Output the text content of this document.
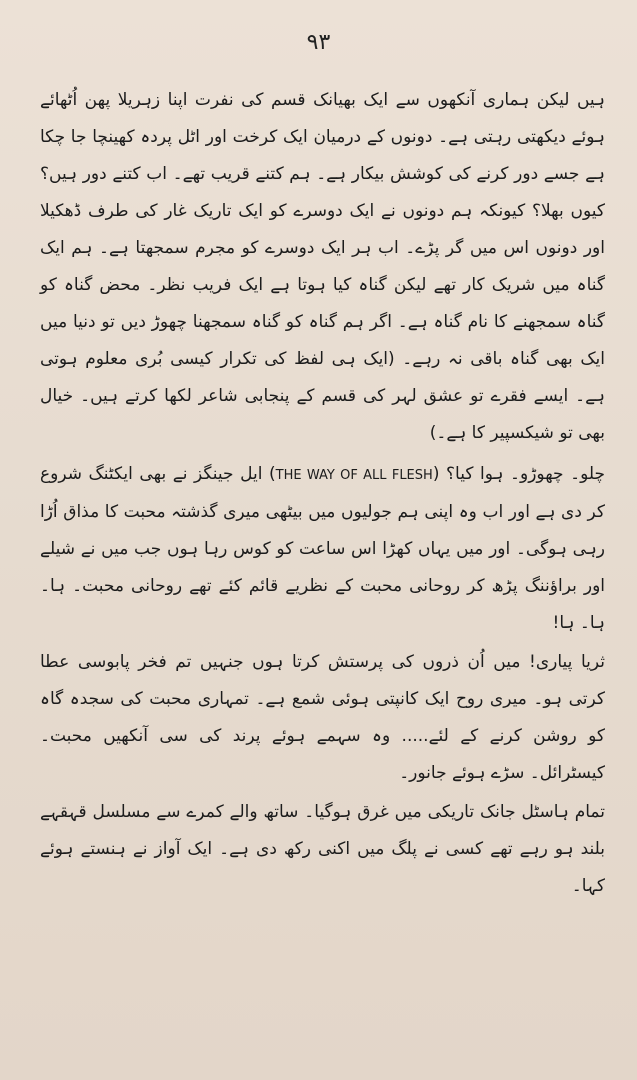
۹۳

ہیں لیکن ہماری آنکھوں سے ایک بھیانک قسم کی نفرت اپنا زہریلا پھن اُٹھائے ہوئے دیکھتی رہتی ہے۔ دونوں کے درمیان ایک کرخت اور اٹل پردہ کھینچا جا چکا ہے جسے دور کرنے کی کوشش بیکار ہے۔ ہم کتنے قریب تھے۔ اب کتنے دور ہیں؟ کیوں بھلا؟ کیونکہ ہم دونوں نے ایک دوسرے کو ایک تاریک غار کی طرف ڈھکیلا اور دونوں اس میں گر پڑے۔ اب ہر ایک دوسرے کو مجرم سمجھتا ہے۔ ہم ایک گناہ میں شریک کار تھے لیکن گناہ کیا ہوتا ہے ایک فریب نظر۔ محض گناہ کو گناہ سمجھنے کا نام گناہ ہے۔ اگر ہم گناہ کو گناہ سمجھنا چھوڑ دیں تو دنیا میں ایک بھی گناہ باقی نہ رہے۔ (ایک ہی لفظ کی تکرار کیسی بُری معلوم ہوتی ہے۔ ایسے فقرے تو عشق لہر کی قسم کے پنجابی شاعر لکھا کرتے ہیں۔ خیال بھی تو شیکسپیر کا ہے۔)

چلو۔ چھوڑو۔ ہوا کیا؟ (THE WAY OF ALL FLESH) ایل جینگز نے بھی ایکٹنگ شروع کر دی ہے اور اب وہ اپنی ہم جولیوں میں بیٹھی میری گذشتہ محبت کا مذاق اُڑا رہی ہوگی۔ اور میں یہاں کھڑا اس ساعت کو کوس رہا ہوں جب میں نے شیلے اور براؤننگ پڑھ کر روحانی محبت کے نظریے قائم کئے تھے روحانی محبت۔ ہا۔ ہا۔ ہا!

ثریا پیاری! میں اُن ذروں کی پرستش کرتا ہوں جنہیں تم فخر پابوسی عطا کرتی ہو۔ میری روح ایک کانپتی ہوئی شمع ہے۔ تمہاری محبت کی سجدہ گاہ کو روشن کرنے کے لئے..... وہ سہمے ہوئے پرند کی سی آنکھیں محبت۔ کیسٹرائل۔ سڑے ہوئے جانور۔

تمام ہاسٹل جانک تاریکی میں غرق ہوگیا۔ ساتھ والے کمرے سے مسلسل قہقہے بلند ہو رہے تھے کسی نے پلگ میں اکنی رکھ دی ہے۔ ایک آواز نے ہنستے ہوئے کہا۔
